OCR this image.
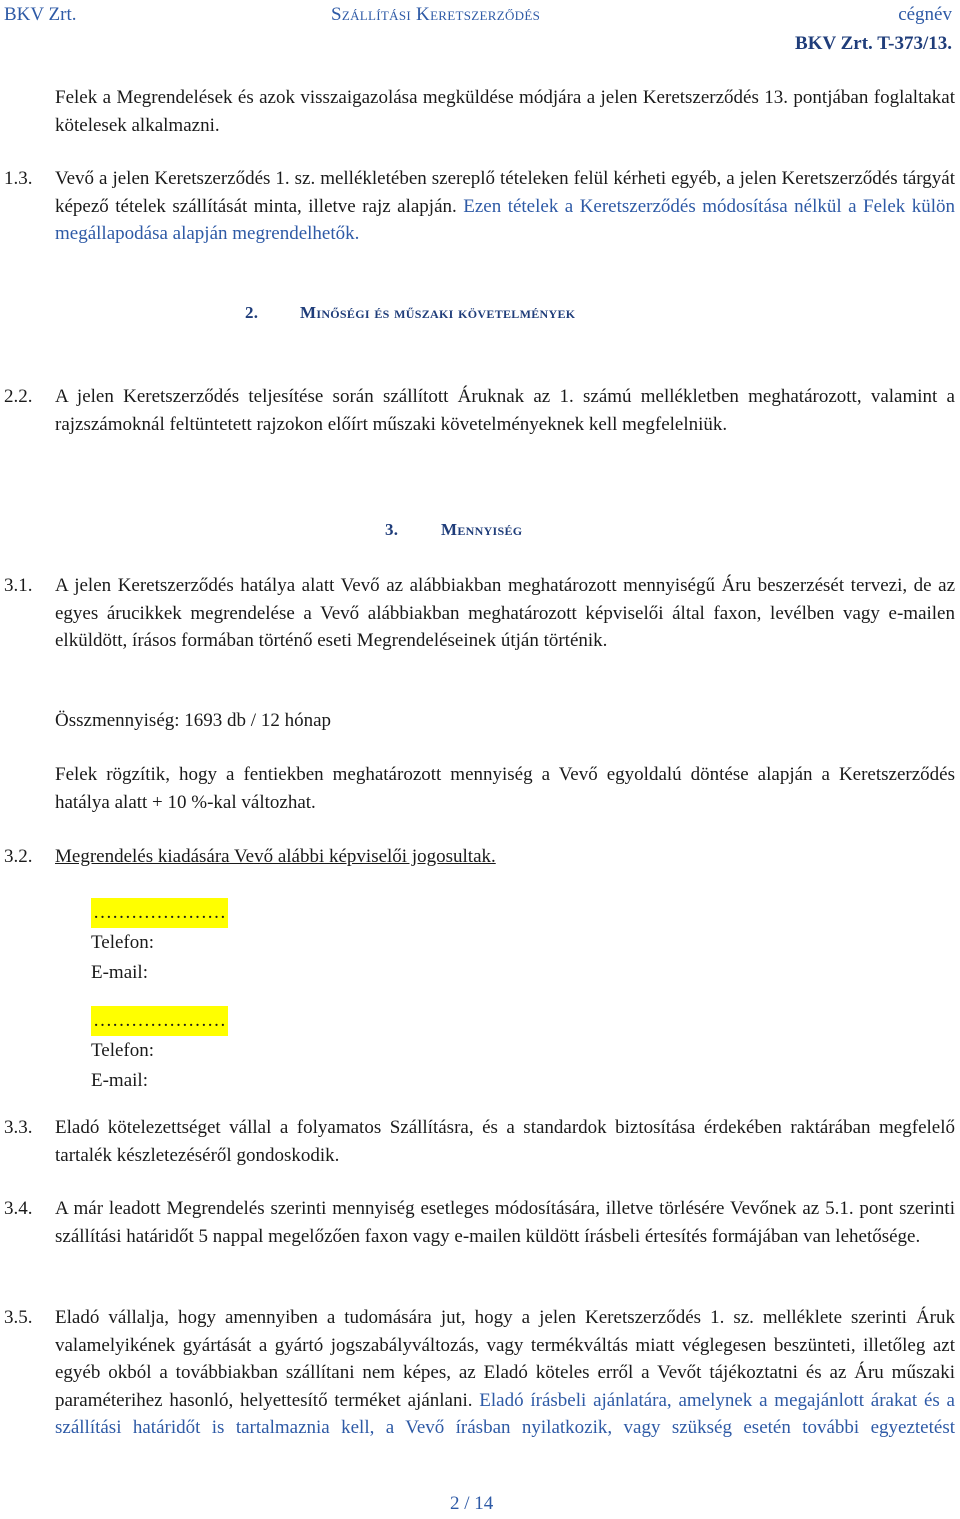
BKV Zrt.	Szállítási Keretszerződés	cégnév
BKV Zrt. T-373/13.

Felek a Megrendelések és azok visszaigazolása megküldése módjára a jelen Keretszerződés 13. pontjában foglaltakat kötelesek alkalmazni.

1.3. Vevő a jelen Keretszerződés 1. sz. mellékletében szereplő tételeken felül kérheti egyéb, a jelen Keretszerződés tárgyát képező tételek szállítását minta, illetve rajz alapján. Ezen tételek a Keretszerződés módosítása nélkül a Felek külön megállapodása alapján megrendelhetők.

2. Minőségi és műszaki követelmények
2.2. A jelen Keretszerződés teljesítése során szállított Áruknak az 1. számú mellékletben meghatározott, valamint a rajzszámoknál feltüntetett rajzokon előírt műszaki követelményeknek kell megfelelniük.

3.	Mennyiség
3.1. A jelen Keretszerződés hatálya alatt Vevő az alábbiakban meghatározott mennyiségű Áru beszerzését tervezi, de az egyes árucikkek megrendelése a Vevő alábbiakban meghatározott képviselői által faxon, levélben vagy e-mailen elküldött, írásos formában történő eseti Megrendeléseinek útján történik.

Összmennyiség: 1693 db / 12 hónap

Felek rögzítik, hogy a fentiekben meghatározott mennyiség a Vevő egyoldalú döntése alapján a Keretszerződés hatálya alatt + 10 %-kal változhat.

3.2. Megrendelés kiadására Vevő alábbi képviselői jogosultak.

…………………
Telefon:
E-mail:
…………………
Telefon:
E-mail:
3.3. Eladó kötelezettséget vállal a folyamatos Szállításra, és a standardok biztosítása érdekében raktárában megfelelő tartalék készletezéséről gondoskodik.

3.4. A már leadott Megrendelés szerinti mennyiség esetleges módosítására, illetve törlésére Vevőnek az 5.1. pont szerinti szállítási határidőt 5 nappal megelőzően faxon vagy e-mailen küldött írásbeli értesítés formájában van lehetősége.

3.5. Eladó vállalja, hogy amennyiben a tudomására jut, hogy a jelen Keretszerződés 1. sz. melléklete szerinti Áruk valamelyikének gyártását a gyártó jogszabályváltozás, vagy termékváltás miatt véglegesen beszünteti, illetőleg azt egyéb okból a továbbiakban szállítani nem képes, az Eladó köteles erről a Vevőt tájékoztatni és az Áru műszaki paraméterihez hasonló, helyettesítő terméket ajánlani. Eladó írásbeli ajánlatára, amelynek a megajánlott árakat és a szállítási határidőt is tartalmaznia kell, a Vevő írásban nyilatkozik, vagy szükség esetén további egyeztetést

2 / 14
